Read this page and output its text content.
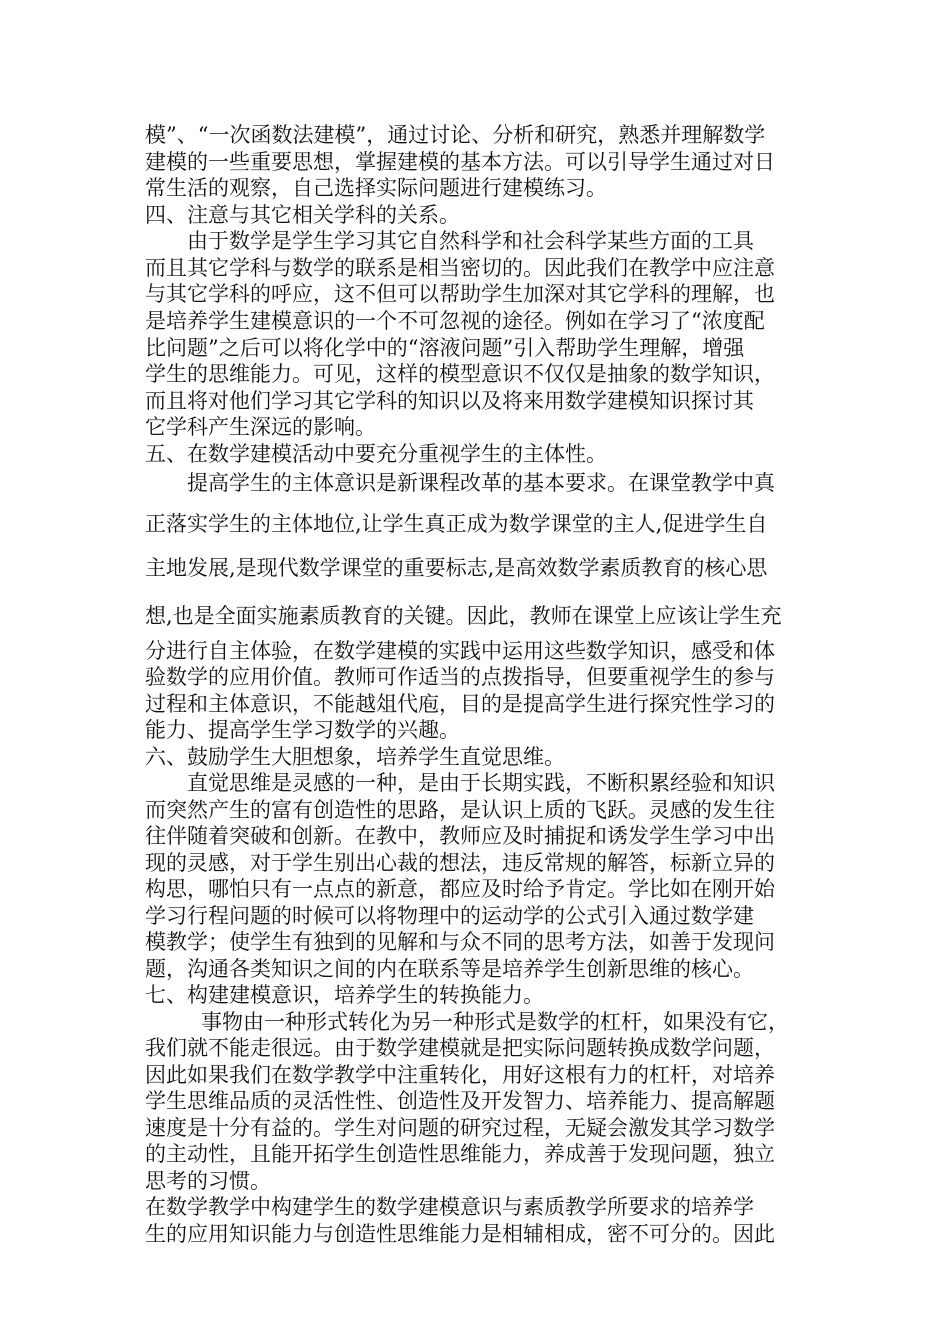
模”、“一次函数法建模”，通过讨论、分析和研究，熟悉并理解数学
建模的一些重要思想，掌握建模的基本方法。可以引导学生通过对日
常生活的观察，自己选择实际问题进行建模练习。
四、注意与其它相关学科的关系。
由于数学是学生学习其它自然科学和社会科学某些方面的工具
而且其它学科与数学的联系是相当密切的。因此我们在教学中应注意
与其它学科的呼应，这不但可以帮助学生加深对其它学科的理解，也
是培养学生建模意识的一个不可忽视的途径。例如在学习了“浓度配
比问题”之后可以将化学中的“溶液问题”引入帮助学生理解，增强
学生的思维能力。可见，这样的模型意识不仅仅是抽象的数学知识，
而且将对他们学习其它学科的知识以及将来用数学建模知识探讨其
它学科产生深远的影响。
五、在数学建模活动中要充分重视学生的主体性。
提高学生的主体意识是新课程改革的基本要求。在课堂教学中真
正落实学生的主体地位,让学生真正成为数学课堂的主人,促进学生自
主地发展,是现代数学课堂的重要标志,是高效数学素质教育的核心思
想,也是全面实施素质教育的关键。因此，教师在课堂上应该让学生充
分进行自主体验，在数学建模的实践中运用这些数学知识，感受和体
验数学的应用价值。教师可作适当的点拨指导，但要重视学生的参与
过程和主体意识，不能越俎代庖，目的是提高学生进行探究性学习的
能力、提高学生学习数学的兴趣。
六、鼓励学生大胆想象，培养学生直觉思维。
直觉思维是灵感的一种，是由于长期实践，不断积累经验和知识
而突然产生的富有创造性的思路，是认识上质的飞跃。灵感的发生往
往伴随着突破和创新。在教中，教师应及时捕捉和诱发学生学习中出
现的灵感，对于学生别出心裁的想法，违反常规的解答，标新立异的
构思，哪怕只有一点点的新意，都应及时给予肯定。学比如在刚开始
学习行程问题的时候可以将物理中的运动学的公式引入通过数学建
模教学；使学生有独到的见解和与众不同的思考方法，如善于发现问
题，沟通各类知识之间的内在联系等是培养学生创新思维的核心。
七、构建建模意识，培养学生的转换能力。
事物由一种形式转化为另一种形式是数学的杠杆，如果没有它，
我们就不能走很远。由于数学建模就是把实际问题转换成数学问题，
因此如果我们在数学教学中注重转化，用好这根有力的杠杆，对培养
学生思维品质的灵活性性、创造性及开发智力、培养能力、提高解题
速度是十分有益的。学生对问题的研究过程，无疑会激发其学习数学
的主动性，且能开拓学生创造性思维能力，养成善于发现问题，独立
思考的习惯。
在数学教学中构建学生的数学建模意识与素质教学所要求的培养学
生的应用知识能力与创造性思维能力是相辅相成，密不可分的。因此
